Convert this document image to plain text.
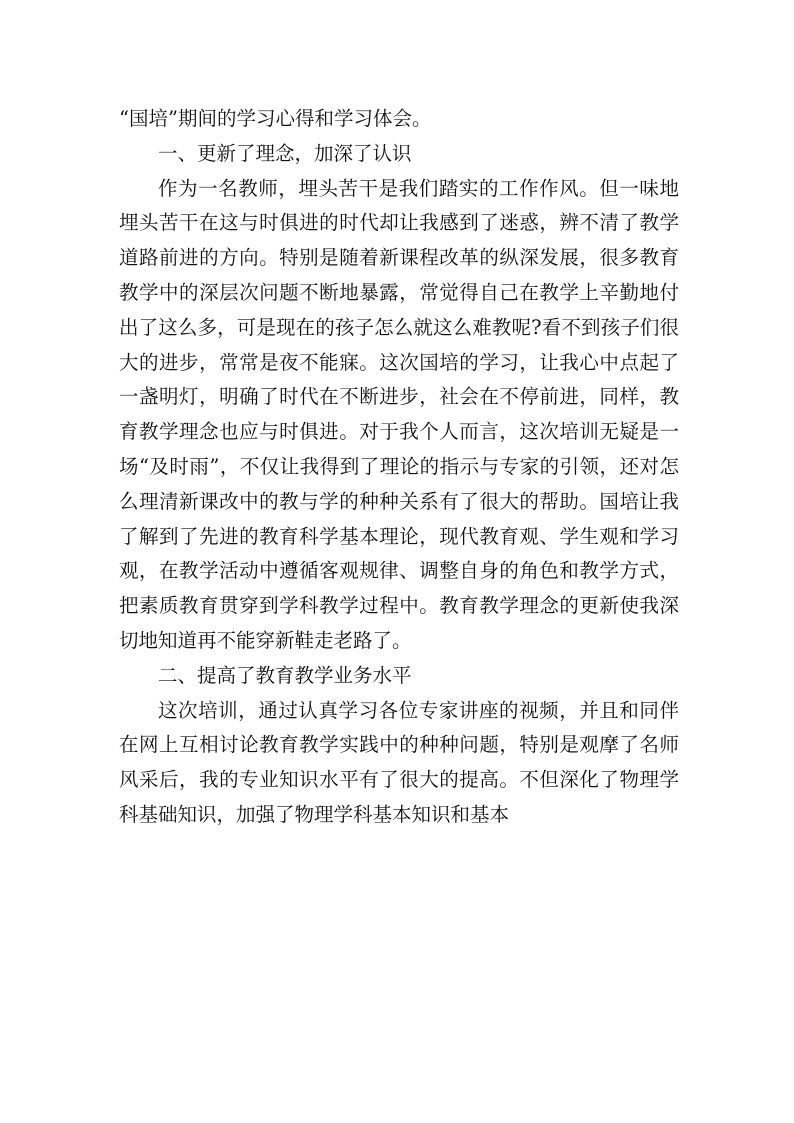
“国培”期间的学习心得和学习体会。

一、更新了理念，加深了认识

作为一名教师，埋头苦干是我们踏实的工作作风。但一味地埋头苦干在这与时俱进的时代却让我感到了迷惑，辨不清了教学道路前进的方向。特别是随着新课程改革的纵深发展，很多教育教学中的深层次问题不断地暴露，常觉得自己在教学上辛勤地付出了这么多，可是现在的孩子怎么就这么难教呢?看不到孩子们很大的进步，常常是夜不能寐。这次国培的学习，让我心中点起了一盏明灯，明确了时代在不断进步，社会在不停前进，同样，教育教学理念也应与时俱进。对于我个人而言，这次培训无疑是一场“及时雨”，不仅让我得到了理论的指示与专家的引领，还对怎么理清新课改中的教与学的种种关系有了很大的帮助。国培让我了解到了先进的教育科学基本理论，现代教育观、学生观和学习观，在教学活动中遵循客观规律、调整自身的角色和教学方式，把素质教育贯穿到学科教学过程中。教育教学理念的更新使我深切地知道再不能穿新鞋走老路了。

二、提高了教育教学业务水平

这次培训，通过认真学习各位专家讲座的视频，并且和同伴在网上互相讨论教育教学实践中的种种问题，特别是观摩了名师风采后，我的专业知识水平有了很大的提高。不但深化了物理学科基础知识，加强了物理学科基本知识和基本
